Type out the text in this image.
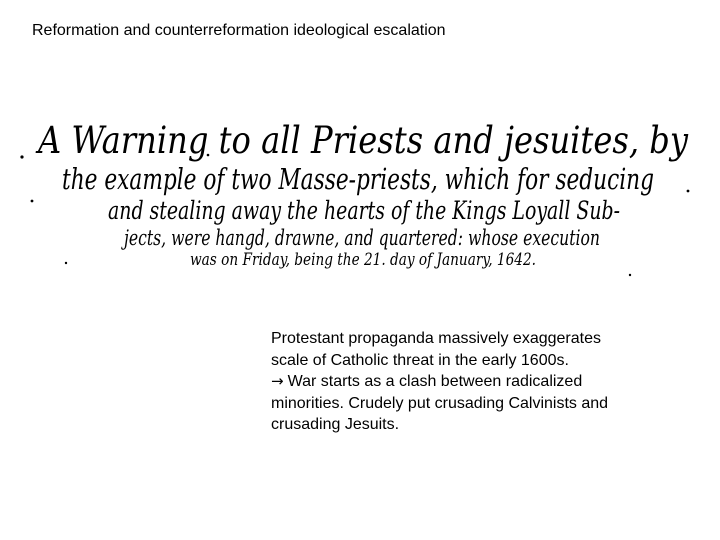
Reformation and counterreformation ideological escalation
A Warning to all Priests and jesuites, by
the example of two Masse-priests, which for seducing
and stealing away the hearts of the Kings Loyall Sub-
jects, were hangd, drawne, and quartered: whose execution
was on Friday, being the 21. day of January, 1642.

Protestant propaganda massively exaggerates scale of Catholic threat in the early 1600s.

→ War starts as a clash between radicalized minorities. Crudely put crusading Calvinists and crusading Jesuits.
